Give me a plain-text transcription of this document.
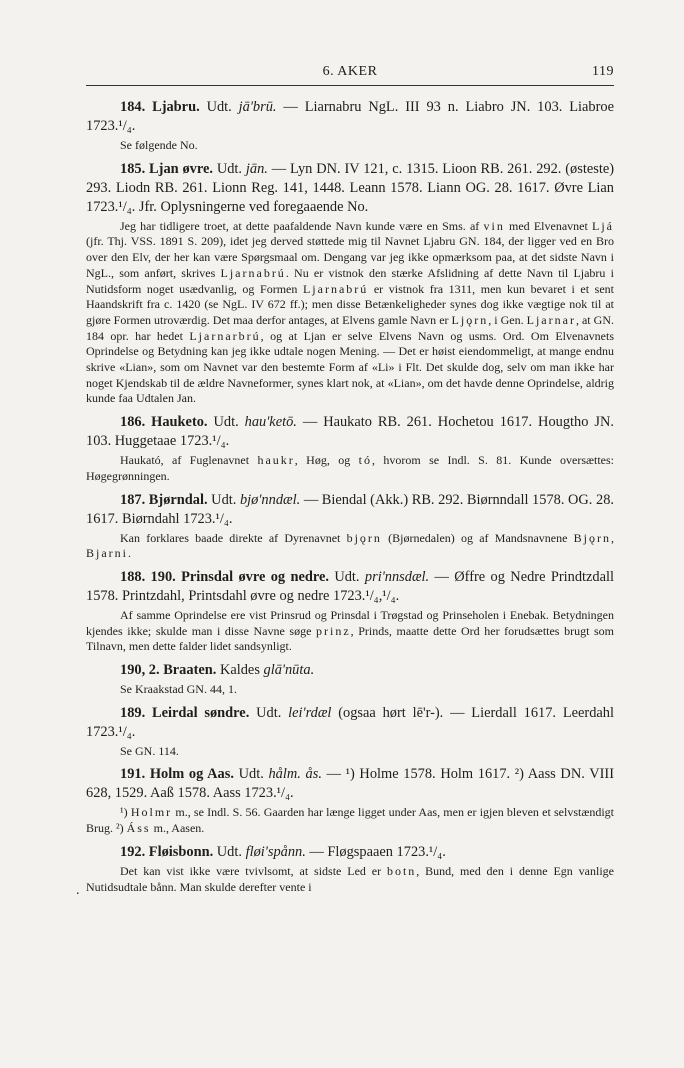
6. AKER	119
.

184. Ljabru. Udt. jā'brū. — Liarnabru NgL. III 93 n. Liabro JN. 103. Liabroe 1723.¹/₄.

Se følgende No.

185. Ljan øvre. Udt. jān. — Lyn DN. IV 121, c. 1315. Lioon RB. 261. 292. (østeste) 293. Liodn RB. 261. Lionn Reg. 141, 1448. Leann 1578. Liann OG. 28. 1617. Øvre Lian 1723.¹/₄. Jfr. Oplysningerne ved foregaaende No.

Jeg har tidligere troet, at dette paafaldende Navn kunde være en Sms. af vin med Elvenavnet Ljá (jfr. Thj. VSS. 1891 S. 209), idet jeg derved støttede mig til Navnet Ljabru GN. 184, der ligger ved en Bro over den Elv, der her kan være Spørgsmaal om. Dengang var jeg ikke opmærksom paa, at det sidste Navn i NgL., som anført, skrives Ljarnabrú. Nu er vistnok den stærke Afslidning af dette Navn til Ljabru i Nutidsform noget usædvanlig, og Formen Ljarnabrú er vistnok fra 1311, men kun bevaret i et sent Haandskrift fra c. 1420 (se NgL. IV 672 ff.); men disse Betænkeligheder synes dog ikke vægtige nok til at gjøre Formen utroværdig. Det maa derfor antages, at Elvens gamle Navn er Ljǫrn, i Gen. Ljarnar, at GN. 184 opr. har hedet Ljarnarbrú, og at Ljan er selve Elvens Navn og usms. Ord. Om Elvenavnets Oprindelse og Betydning kan jeg ikke udtale nogen Mening. — Det er høist eiendommeligt, at mange endnu skrive «Lian», som om Navnet var den bestemte Form af «Li» i Flt. Det skulde dog, selv om man ikke har noget Kjendskab til de ældre Navneformer, synes klart nok, at «Lian», om det havde denne Oprindelse, aldrig kunde faa Udtalen Jan.

186. Hauketo. Udt. hau'ketō. — Haukato RB. 261. Hochetou 1617. Hougtho JN. 103. Huggetaae 1723.¹/₄.

Haukató, af Fuglenavnet haukr, Høg, og tó, hvorom se Indl. S. 81. Kunde oversættes: Høgegrønningen.

187. Bjørndal. Udt. bjø'nndæl. — Biendal (Akk.) RB. 292. Biørnndall 1578. OG. 28. 1617. Biørndahl 1723.¹/₄.

Kan forklares baade direkte af Dyrenavnet bjǫrn (Bjørnedalen) og af Mandsnavnene Bjǫrn, Bjarni.

188. 190. Prinsdal øvre og nedre. Udt. pri'nnsdæl. — Øffre og Nedre Prindtzdall 1578. Printzdahl, Printsdahl øvre og nedre 1723.¹/₄,¹/₄.

Af samme Oprindelse ere vist Prinsrud og Prinsdal i Trøgstad og Prinseholen i Enebak. Betydningen kjendes ikke; skulde man i disse Navne søge prinz, Prinds, maatte dette Ord her forudsættes brugt som Tilnavn, men dette falder lidet sandsynligt.

190, 2. Braaten. Kaldes glā'nūta.

Se Kraakstad GN. 44, 1.

189. Leirdal søndre. Udt. lei'rdæl (ogsaa hørt lē'r-). — Lierdall 1617. Leerdahl 1723.¹/₄.

Se GN. 114.

191. Holm og Aas. Udt. hålm. ås. — ¹) Holme 1578. Holm 1617. ²) Aass DN. VIII 628, 1529. Aaß 1578. Aass 1723.¹/₄.

¹) Holmr m., se Indl. S. 56. Gaarden har længe ligget under Aas, men er igjen bleven et selvstændigt Brug. ²) Áss m., Aasen.

192. Fløisbonn. Udt. fløi'spånn. — Fløgspaaen 1723.¹/₄.

Det kan vist ikke være tvivlsomt, at sidste Led er botn, Bund, med den i denne Egn vanlige Nutidsudtale bånn. Man skulde derefter vente i
